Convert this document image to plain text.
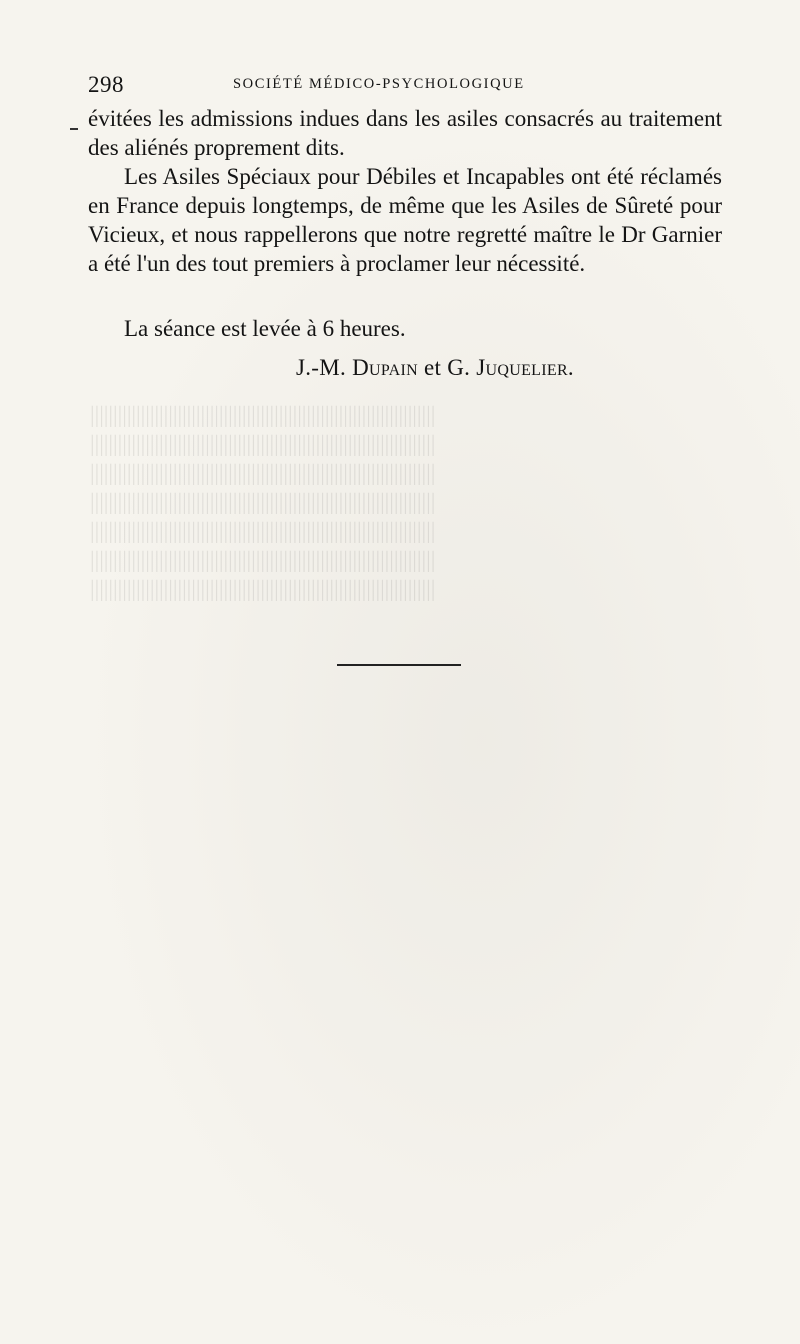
|||||||||||||||||||||||||||||||||||||||||||||||||||||||||||||||||||||||||||
|||||||||||||||||||||||||||||||||||||||||||||||||||||||||||||||||||||||||||
|||||||||||||||||||||||||||||||||||||||||||||||||||||||||||||||||||||||||||
|||||||||||||||||||||||||||||||||||||||||||||||||||||||||||||||||||||||||||
|||||||||||||||||||||||||||||||||||||||||||||||||||||||||||||||||||||||||||
|||||||||||||||||||||||||||||||||||||||||||||||||||||||||||||||||||||||||||
|||||||||||||||||||||||||||||||||||||||||||||||||||||||||||||||||||||||||||
298	SOCIÉTÉ MÉDICO-PSYCHOLOGIQUE

évitées les admissions indues dans les asiles consacrés au traitement des aliénés proprement dits.

Les Asiles Spéciaux pour Débiles et Incapables ont été réclamés en France depuis longtemps, de même que les Asiles de Sûreté pour Vicieux, et nous rappellerons que notre regretté maître le Dr Garnier a été l'un des tout premiers à proclamer leur nécessité.

La séance est levée à 6 heures.
J.-M. Dupain et G. Juquelier.
